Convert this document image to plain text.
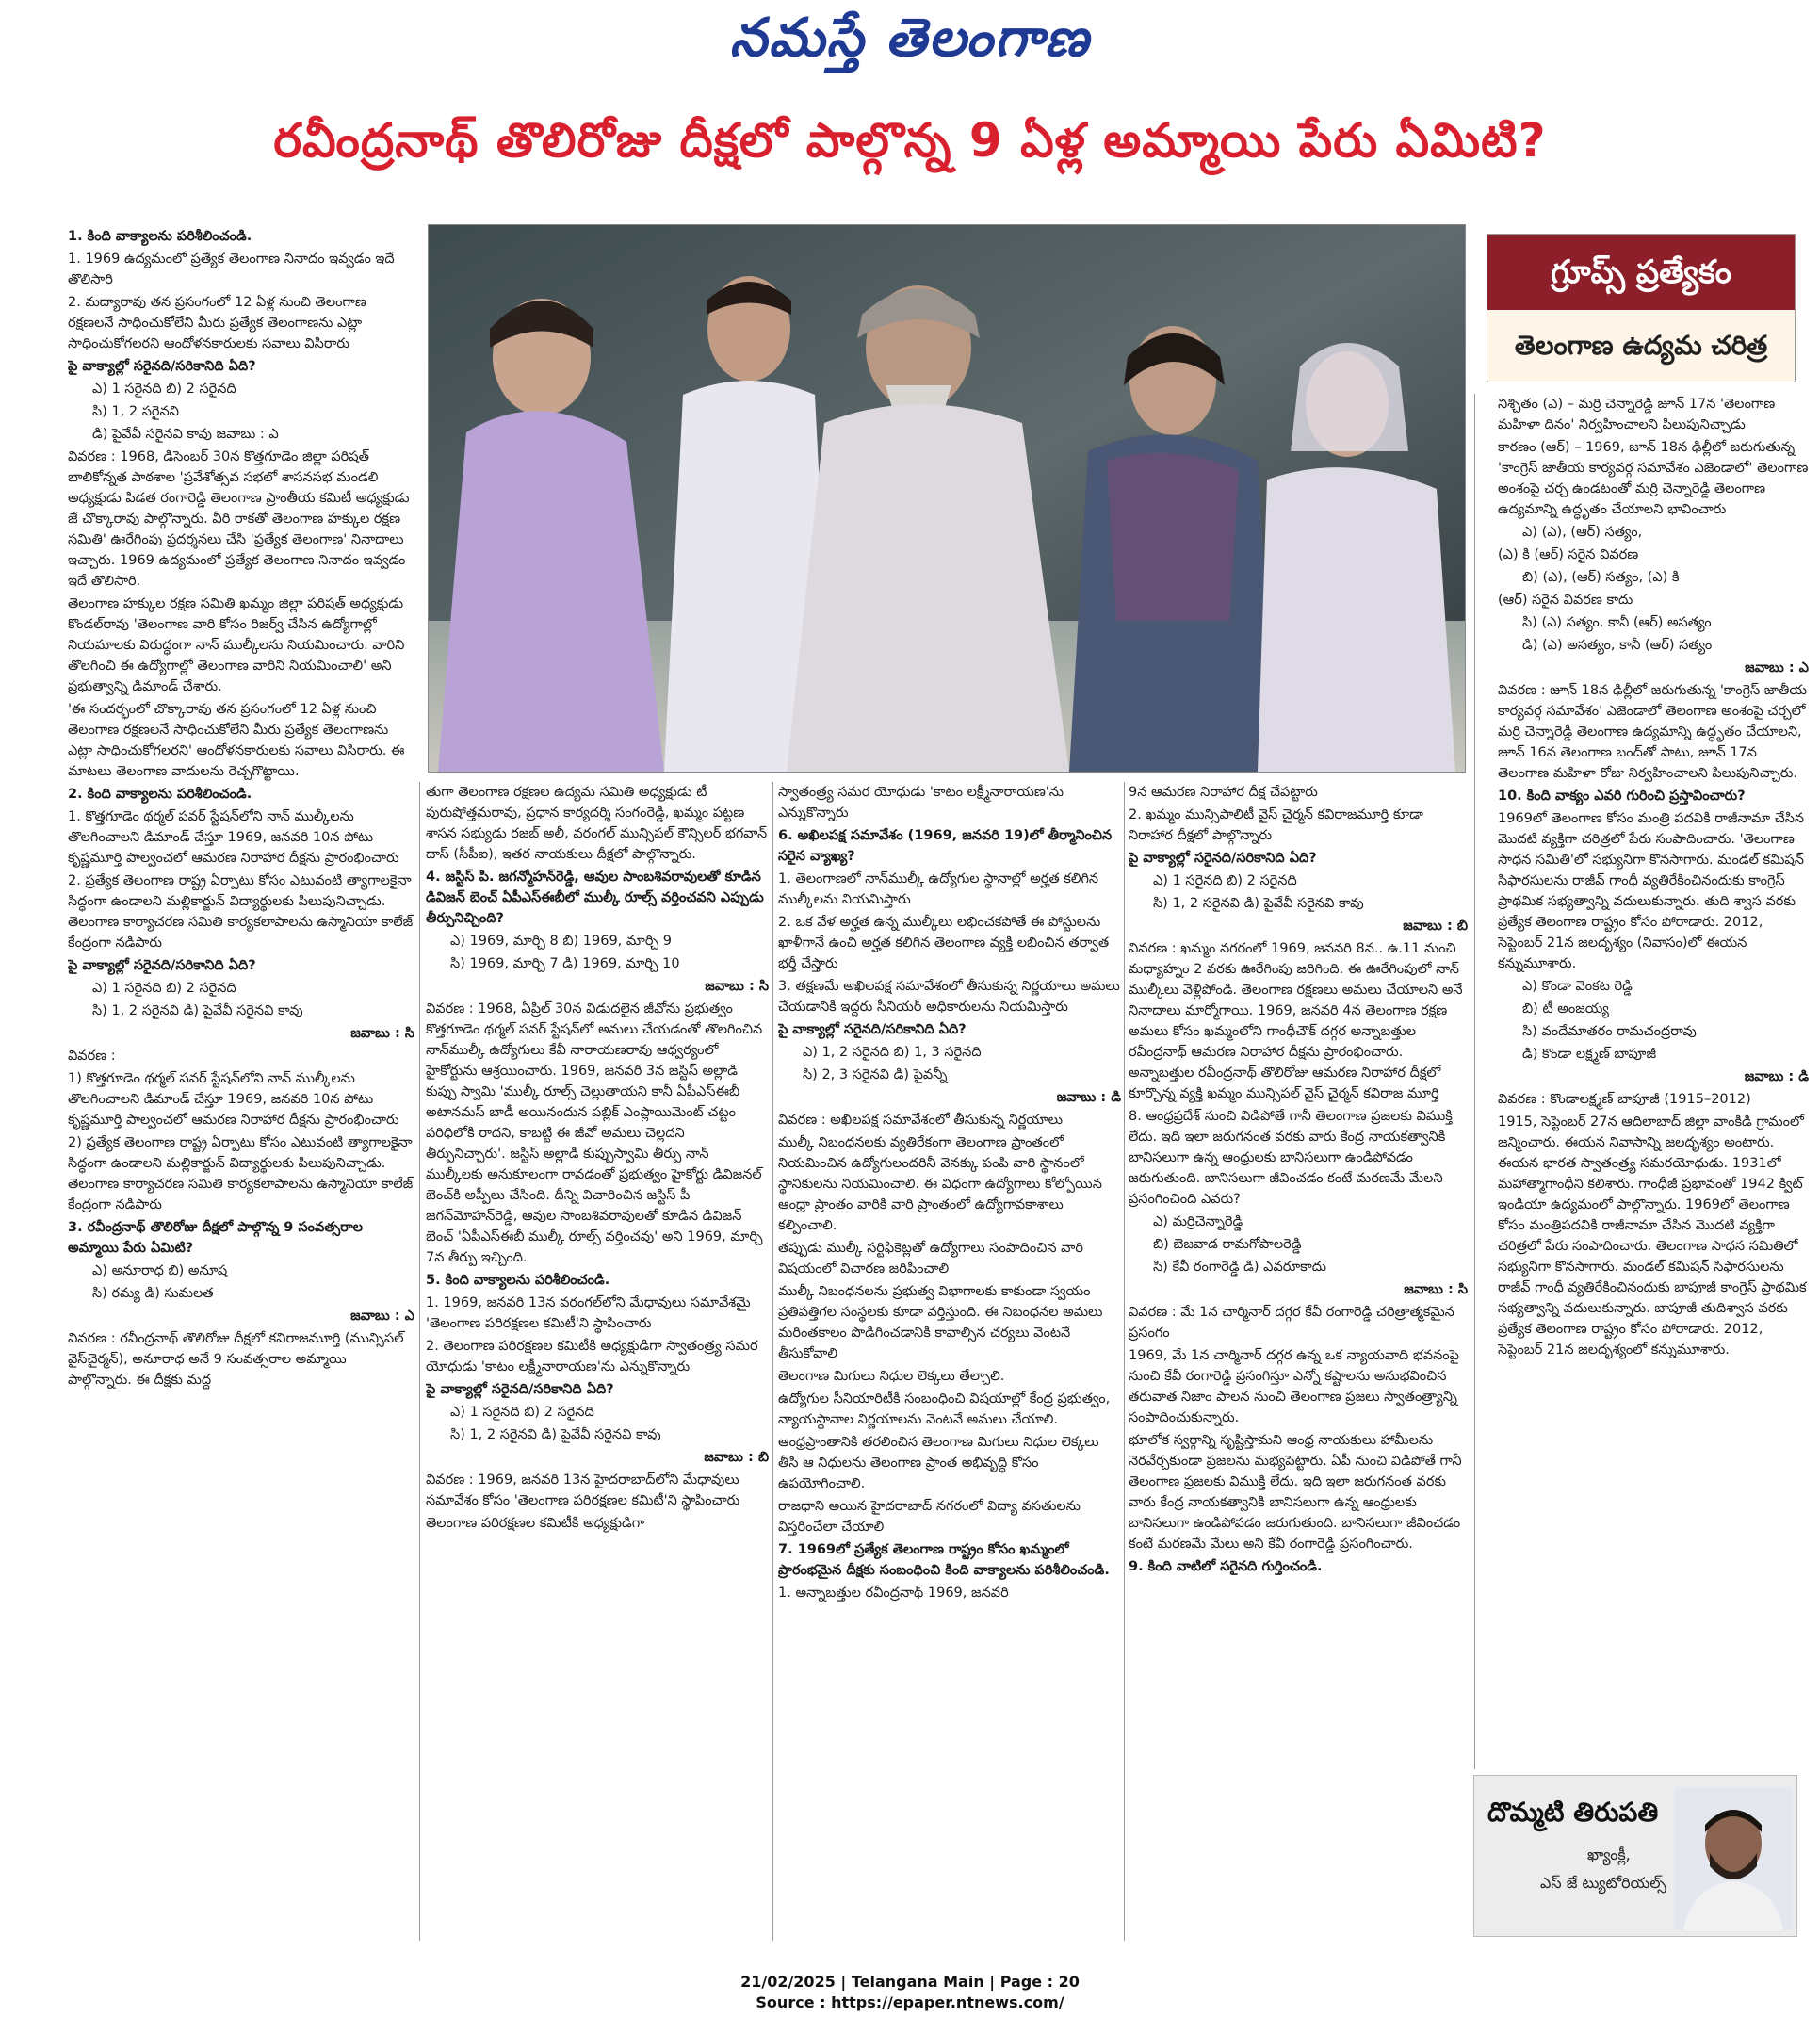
నమస్తే తెలంగాణ
రవీంద్రనాథ్ తొలిరోజు దీక్షలో పాల్గొన్న 9 ఏళ్ల అమ్మాయి పేరు ఏమిటి?
గ్రూప్స్ ప్రత్యేకం
తెలంగాణ ఉద్యమ చరిత్ర

1. కింది వాక్యాలను పరిశీలించండి.

1. 1969 ఉద్యమంలో ప్రత్యేక తెలంగాణ నినాదం ఇవ్వడం ఇదే తొలిసారి

2. మద్యారావు తన ప్రసంగంలో 12 ఏళ్ల నుంచి తెలంగాణ రక్షణలనే సాధించుకోలేని మీరు ప్రత్యేక తెలంగాణను ఎట్లా సాధించుకోగలరని ఆందోళనకారులకు సవాలు విసిరారు

పై వాక్యాల్లో సరైనది/సరికానిది ఏది?

ఎ) 1 సరైనది బి) 2 సరైనది

సి) 1, 2 సరైనవి

డి) పైవేవీ సరైనవి కావు జవాబు : ఎ

వివరణ : 1968, డిసెంబర్ 30న కొత్తగూడెం జిల్లా పరిషత్ బాలికోన్నత పాఠశాల 'ప్రవేశోత్సవ సభలో శాసనసభ మండలి అధ్యక్షుడు పిడత రంగారెడ్డి తెలంగాణ ప్రాంతీయ కమిటీ అధ్యక్షుడు జే చొక్కారావు పాల్గొన్నారు. వీరి రాకతో తెలంగాణ హక్కుల రక్షణ సమితి' ఊరేగింపు ప్రదర్శనలు చేసి 'ప్రత్యేక తెలంగాణ' నినాదాలు ఇచ్చారు. 1969 ఉద్యమంలో ప్రత్యేక తెలంగాణ నినాదం ఇవ్వడం ఇదే తొలిసారి.

తెలంగాణ హక్కుల రక్షణ సమితి ఖమ్మం జిల్లా పరిషత్ అధ్యక్షుడు కొండల్‌రావు 'తెలంగాణ వారి కోసం రిజర్వ్ చేసిన ఉద్యోగాల్లో నియమాలకు విరుద్ధంగా నాన్ ముల్కీలను నియమించారు. వారిని తొలగించి ఈ ఉద్యోగాల్లో తెలంగాణ వారిని నియమించాలి' అని ప్రభుత్వాన్ని డిమాండ్ చేశారు.

'ఈ సందర్భంలో చొక్కారావు తన ప్రసంగంలో 12 ఏళ్ల నుంచి తెలంగాణ రక్షణలనే సాధించుకోలేని మీరు ప్రత్యేక తెలంగాణను ఎట్లా సాధించుకోగలరని' ఆందోళనకారులకు సవాలు విసిరారు. ఈ మాటలు తెలంగాణ వాదులను రెచ్చగొట్టాయి.

2. కింది వాక్యాలను పరిశీలించండి.

1. కొత్తగూడెం థర్మల్ పవర్ స్టేషన్‌లోని నాన్ ముల్కీలను తొలగించాలని డిమాండ్ చేస్తూ 1969, జనవరి 10న పోటు కృష్ణమూర్తి పాల్వంచలో ఆమరణ నిరాహార దీక్షను ప్రారంభించారు

2. ప్రత్యేక తెలంగాణ రాష్ట్ర ఏర్పాటు కోసం ఎటువంటి త్యాగాలకైనా సిద్ధంగా ఉండాలని మల్లికార్జున్ విద్యార్థులకు పిలుపునిచ్చాడు. తెలంగాణ కార్యాచరణ సమితి కార్యకలాపాలను ఉస్మానియా కాలేజ్ కేంద్రంగా నడిపారు

పై వాక్యాల్లో సరైనది/సరికానిది ఏది?

ఎ) 1 సరైనది బి) 2 సరైనది

సి) 1, 2 సరైనవి డి) పైవేవీ సరైనవి కావు

జవాబు : సి

వివరణ :

1) కొత్తగూడెం థర్మల్ పవర్ స్టేషన్‌లోని నాన్ ముల్కీలను తొలగించాలని డిమాండ్ చేస్తూ 1969, జనవరి 10న పోటు కృష్ణమూర్తి పాల్వంచలో ఆమరణ నిరాహార దీక్షను ప్రారంభించారు

2) ప్రత్యేక తెలంగాణ రాష్ట్ర ఏర్పాటు కోసం ఎటువంటి త్యాగాలకైనా సిద్ధంగా ఉండాలని మల్లికార్జున్ విద్యార్థులకు పిలుపునిచ్చాడు. తెలంగాణ కార్యాచరణ సమితి కార్యకలాపాలను ఉస్మానియా కాలేజ్ కేంద్రంగా నడిపారు

3. రవీంద్రనాథ్ తొలిరోజు దీక్షలో పాల్గొన్న 9 సంవత్సరాల అమ్మాయి పేరు ఏమిటి?

ఎ) అనూరాధ బి) అనూష

సి) రమ్య డి) సుమలత

జవాబు : ఎ

వివరణ : రవీంద్రనాథ్ తొలిరోజు దీక్షలో కవిరాజమూర్తి (మున్సిపల్ వైస్‌చైర్మన్), అనూరాధ అనే 9 సంవత్సరాల అమ్మాయి పాల్గొన్నారు. ఈ దీక్షకు మద్ద

తుగా తెలంగాణ రక్షణల ఉద్యమ సమితి అధ్యక్షుడు టీ పురుషోత్తమరావు, ప్రధాన కార్యదర్శి సంగంరెడ్డి, ఖమ్మం పట్టణ శాసన సభ్యుడు రజబ్ అలీ, వరంగల్ మున్సిపల్ కౌన్సిలర్ భగవాన్ దాస్ (సీపీఐ), ఇతర నాయకులు దీక్షలో పాల్గొన్నారు.

4. జస్టిస్ పి. జగన్మోహన్‌రెడ్డి, ఆవుల సాంబశివరావులతో కూడిన డివిజన్ బెంచ్ ఏపీఎస్‌ఈబీలో ముల్కీ రూల్స్ వర్తించవని ఎప్పుడు తీర్పునిచ్చింది?

ఎ) 1969, మార్చి 8 బి) 1969, మార్చి 9

సి) 1969, మార్చి 7 డి) 1969, మార్చి 10

జవాబు : సి

వివరణ : 1968, ఏప్రిల్ 30న విడుదలైన జీవోను ప్రభుత్వం కొత్తగూడెం థర్మల్ పవర్ స్టేషన్‌లో అమలు చేయడంతో తొలగించిన నాన్‌ముల్కీ ఉద్యోగులు కేవీ నారాయణరావు ఆధ్వర్యంలో హైకోర్టును ఆశ్రయించారు. 1969, జనవరి 3న జస్టిస్ అల్లాడి కుప్పు స్వామి 'ముల్కీ రూల్స్ చెల్లుతాయని కానీ ఏపీఎస్‌ఈబీ అటానమస్ బాడీ అయినందున పబ్లిక్ ఎంప్లాయిమెంట్ చట్టం పరిధిలోకి రాదని, కాబట్టి ఈ జీవో అమలు చెల్లదని తీర్పునిచ్చారు'. జస్టిస్ అల్లాడి కుప్పుస్వామి తీర్పు నాన్ ముల్కీలకు అనుకూలంగా రావడంతో ప్రభుత్వం హైకోర్టు డివిజనల్ బెంచ్‌కి అప్పీలు చేసింది. దీన్ని విచారించిన జస్టిస్ పీ జగన్‌మోహన్‌రెడ్డి, ఆవుల సాంబశివరావులతో కూడిన డివిజన్ బెంచ్ 'ఏపీఎస్‌ఈబీ ముల్కీ రూల్స్ వర్తించవు' అని 1969, మార్చి 7న తీర్పు ఇచ్చింది.

5. కింది వాక్యాలను పరిశీలించండి.

1. 1969, జనవరి 13న వరంగల్‌లోని మేధావులు సమావేశమై 'తెలంగాణ పరిరక్షణల కమిటీ'ని స్థాపించారు

2. తెలంగాణ పరిరక్షణల కమిటీకి అధ్యక్షుడిగా స్వాతంత్ర్య సమర యోధుడు 'కాటం లక్ష్మీనారాయణ'ను ఎన్నుకొన్నారు

పై వాక్యాల్లో సరైనది/సరికానిది ఏది?

ఎ) 1 సరైనది బి) 2 సరైనది

సి) 1, 2 సరైనవి డి) పైవేవీ సరైనవి కావు

జవాబు : బి

వివరణ : 1969, జనవరి 13న హైదరాబాద్‌లోని మేధావులు సమావేశం కోసం 'తెలంగాణ పరిరక్షణల కమిటీ'ని స్థాపించారు

తెలంగాణ పరిరక్షణల కమిటీకి అధ్యక్షుడిగా

స్వాతంత్ర్య సమర యోధుడు 'కాటం లక్ష్మీనారాయణ'ను ఎన్నుకొన్నారు

6. అఖిలపక్ష సమావేశం (1969, జనవరి 19)లో తీర్మానించిన సరైన వ్యాఖ్య?

1. తెలంగాణలో నాన్‌ముల్కీ ఉద్యోగుల స్థానాల్లో అర్హత కలిగిన ముల్కీలను నియమిస్తారు

2. ఒక వేళ అర్హత ఉన్న ముల్కీలు లభించకపోతే ఈ పోస్టులను ఖాళీగానే ఉంచి అర్హత కలిగిన తెలంగాణ వ్యక్తి లభించిన తర్వాత భర్తీ చేస్తారు

3. తక్షణమే అఖిలపక్ష సమావేశంలో తీసుకున్న నిర్ణయాలు అమలు చేయడానికి ఇద్దరు సీనియర్ అధికారులను నియమిస్తారు

పై వాక్యాల్లో సరైనది/సరికానిది ఏది?

ఎ) 1, 2 సరైనది బి) 1, 3 సరైనది

సి) 2, 3 సరైనవి డి) పైవన్నీ

జవాబు : డి

వివరణ : అఖిలపక్ష సమావేశంలో తీసుకున్న నిర్ణయాలు

ముల్కీ నిబంధనలకు వ్యతిరేకంగా తెలంగాణ ప్రాంతంలో నియమించిన ఉద్యోగులందరినీ వెనక్కు పంపి వారి స్థానంలో స్థానికులను నియమించాలి. ఈ విధంగా ఉద్యోగాలు కోల్పోయిన ఆంధ్రా ప్రాంతం వారికి వారి ప్రాంతంలో ఉద్యోగావకాశాలు కల్పించాలి.

తప్పుడు ముల్కీ సర్టిఫికెట్లతో ఉద్యోగాలు సంపాదించిన వారి విషయంలో విచారణ జరిపించాలి

ముల్కీ నిబంధనలను ప్రభుత్వ విభాగాలకు కాకుండా స్వయం ప్రతిపత్తిగల సంస్థలకు కూడా వర్తిస్తుంది. ఈ నిబంధనల అమలు మరింతకాలం పొడిగించడానికి కావాల్సిన చర్యలు వెంటనే తీసుకోవాలి

తెలంగాణ మిగులు నిధుల లెక్కలు తేల్చాలి.

ఉద్యోగుల సీనియారిటీకి సంబంధించి విషయాల్లో కేంద్ర ప్రభుత్వం, న్యాయస్థానాల నిర్ణయాలను వెంటనే అమలు చేయాలి.

ఆంధ్రప్రాంతానికి తరలించిన తెలంగాణ మిగులు నిధుల లెక్కలు తీసి ఆ నిధులను తెలంగాణ ప్రాంత అభివృద్ధి కోసం ఉపయోగించాలి.

రాజధాని అయిన హైదరాబాద్ నగరంలో విద్యా వసతులను విస్తరించేలా చేయాలి

7. 1969లో ప్రత్యేక తెలంగాణ రాష్ట్రం కోసం ఖమ్మంలో ప్రారంభమైన దీక్షకు సంబంధించి కింది వాక్యాలను పరిశీలించండి.

1. అన్నాబత్తుల రవీంద్రనాథ్ 1969, జనవరి

9న ఆమరణ నిరాహార దీక్ష చేపట్టారు

2. ఖమ్మం మున్సిపాలిటీ వైస్ చైర్మన్ కవిరాజమూర్తి కూడా నిరాహార దీక్షలో పాల్గొన్నారు

పై వాక్యాల్లో సరైనది/సరికానిది ఏది?

ఎ) 1 సరైనది బి) 2 సరైనది

సి) 1, 2 సరైనవి డి) పైవేవీ సరైనవి కావు

జవాబు : బి

వివరణ : ఖమ్మం నగరంలో 1969, జనవరి 8న.. ఉ.11 నుంచి మధ్యాహ్నం 2 వరకు ఊరేగింపు జరిగింది. ఈ ఊరేగింపులో నాన్ ముల్కీలు వెళ్లిపోండి. తెలంగాణ రక్షణలు అమలు చేయాలని అనే నినాదాలు మార్మోగాయి. 1969, జనవరి 4న తెలంగాణ రక్షణ అమలు కోసం ఖమ్మంలోని గాంధీచౌక్ దగ్గర అన్నాబత్తుల రవీంద్రనాథ్ ఆమరణ నిరాహార దీక్షను ప్రారంభించారు. అన్నాబత్తుల రవీంద్రనాథ్ తొలిరోజు ఆమరణ నిరాహార దీక్షలో కూర్చొన్న వ్యక్తి ఖమ్మం మున్సిపల్ వైస్ చైర్మన్ కవిరాజ మూర్తి

8. ఆంధ్రప్రదేశ్ నుంచి విడిపోతే గానీ తెలంగాణ ప్రజలకు విముక్తి లేదు. ఇది ఇలా జరుగనంత వరకు వారు కేంద్ర నాయకత్వానికి బానిసలుగా ఉన్న ఆంధ్రులకు బానిసలుగా ఉండిపోవడం జరుగుతుంది. బానిసలుగా జీవించడం కంటే మరణమే మేలని ప్రసంగించింది ఎవరు?

ఎ) మర్రిచెన్నారెడ్డి

బి) బెజవాడ రామగోపాలరెడ్డి

సి) కేవీ రంగారెడ్డి డి) ఎవరూకాదు

జవాబు : సి

వివరణ : మే 1న చార్మినార్ దగ్గర కేవీ రంగారెడ్డి చరిత్రాత్మకమైన ప్రసంగం

1969, మే 1న చార్మినార్ దగ్గర ఉన్న ఒక న్యాయవాది భవనంపై నుంచి కేవీ రంగారెడ్డి ప్రసంగిస్తూ ఎన్నో కష్టాలను అనుభవించిన తరువాత నిజాం పాలన నుంచి తెలంగాణ ప్రజలు స్వాతంత్ర్యాన్ని సంపాదించుకున్నారు.

భూలోక స్వర్గాన్ని సృష్టిస్తామని ఆంధ్ర నాయకులు హామీలను నెరవేర్చకుండా ప్రజలను మభ్యపెట్టారు. ఏపీ నుంచి విడిపోతే గానీ తెలంగాణ ప్రజలకు విముక్తి లేదు. ఇది ఇలా జరుగనంత వరకు వారు కేంద్ర నాయకత్వానికి బానిసలుగా ఉన్న ఆంధ్రులకు బానిసలుగా ఉండిపోవడం జరుగుతుంది. బానిసలుగా జీవించడం కంటే మరణమే మేలు అని కేవీ రంగారెడ్డి ప్రసంగించారు.

9. కింది వాటిలో సరైనది గుర్తించండి.

నిశ్చితం (ఎ) – మర్రి చెన్నారెడ్డి జూన్ 17న 'తెలంగాణ మహిళా దినం' నిర్వహించాలని పిలుపునిచ్చాడు

కారణం (ఆర్) – 1969, జూన్ 18న ఢిల్లీలో జరుగుతున్న 'కాంగ్రెస్ జాతీయ కార్యవర్గ సమావేశం ఎజెండాలో' తెలంగాణ అంశంపై చర్చ ఉండటంతో మర్రి చెన్నారెడ్డి తెలంగాణ ఉద్యమాన్ని ఉద్ధృతం చేయాలని భావించారు

ఎ) (ఎ), (ఆర్) సత్యం,

(ఎ) కి (ఆర్) సరైన వివరణ

బి) (ఎ), (ఆర్) సత్యం, (ఎ) కి

(ఆర్) సరైన వివరణ కాదు

సి) (ఎ) సత్యం, కానీ (ఆర్) అసత్యం

డి) (ఎ) అసత్యం, కానీ (ఆర్) సత్యం

జవాబు : ఎ

వివరణ : జూన్ 18న ఢిల్లీలో జరుగుతున్న 'కాంగ్రెస్ జాతీయ కార్యవర్గ సమావేశం' ఎజెండాలో తెలంగాణ అంశంపై చర్చలో మర్రి చెన్నారెడ్డి తెలంగాణ ఉద్యమాన్ని ఉద్ధృతం చేయాలని, జూన్ 16న తెలంగాణ బంద్‌తో పాటు, జూన్ 17న తెలంగాణ మహిళా రోజు నిర్వహించాలని పిలుపునిచ్చారు.

10. కింది వాక్యం ఎవరి గురించి ప్రస్తావించారు?

1969లో తెలంగాణ కోసం మంత్రి పదవికి రాజీనామా చేసిన మొదటి వ్యక్తిగా చరిత్రలో పేరు సంపాదించారు. 'తెలంగాణ సాధన సమితి'లో సభ్యునిగా కొనసాగారు. మండల్ కమిషన్ సిఫారసులను రాజీవ్ గాంధీ వ్యతిరేకించినందుకు కాంగ్రెస్ ప్రాథమిక సభ్యత్వాన్ని వదులుకున్నారు. తుది శ్వాస వరకు ప్రత్యేక తెలంగాణ రాష్ట్రం కోసం పోరాడారు. 2012, సెప్టెంబర్ 21న జలదృశ్యం (నివాసం)లో ఈయన కన్నుమూశారు.

ఎ) కొండా వెంకట రెడ్డి

బి) టీ అంజయ్య

సి) వందేమాతరం రామచంద్రరావు

డి) కొండా లక్ష్మణ్ బాపూజీ

జవాబు : డి

వివరణ : కొండాలక్ష్మణ్ బాపూజీ (1915–2012)

1915, సెప్టెంబర్ 27న ఆదిలాబాద్ జిల్లా వాంకిడి గ్రామంలో జన్మించారు. ఈయన నివాసాన్ని జలదృశ్యం అంటారు. ఈయన భారత స్వాతంత్ర్య సమరయోధుడు. 1931లో మహాత్మాగాంధీని కలిశారు. గాంధీజీ ప్రభావంతో 1942 క్విట్ ఇండియా ఉద్యమంలో పాల్గొన్నారు. 1969లో తెలంగాణ కోసం మంత్రిపదవికి రాజీనామా చేసిన మొదటి వ్యక్తిగా చరిత్రలో పేరు సంపాదించారు. తెలంగాణ సాధన సమితిలో సభ్యునిగా కొనసాగారు. మండల్ కమిషన్ సిఫారసులను రాజీవ్ గాంధీ వ్యతిరేకించినందుకు బాపూజీ కాంగ్రెస్ ప్రాథమిక సభ్యత్వాన్ని వదులుకున్నారు. బాపూజీ తుదిశ్వాస వరకు ప్రత్యేక తెలంగాణ రాష్ట్రం కోసం పోరాడారు. 2012, సెప్టెంబర్ 21న జలదృశ్యంలో కన్నుమూశారు.

దొమ్మటి తిరుపతి
ఖ్యాంక్లీ,
ఎస్ జే ట్యుటోరియల్స్
21/02/2025 | Telangana Main | Page : 20
Source : https://epaper.ntnews.com/
